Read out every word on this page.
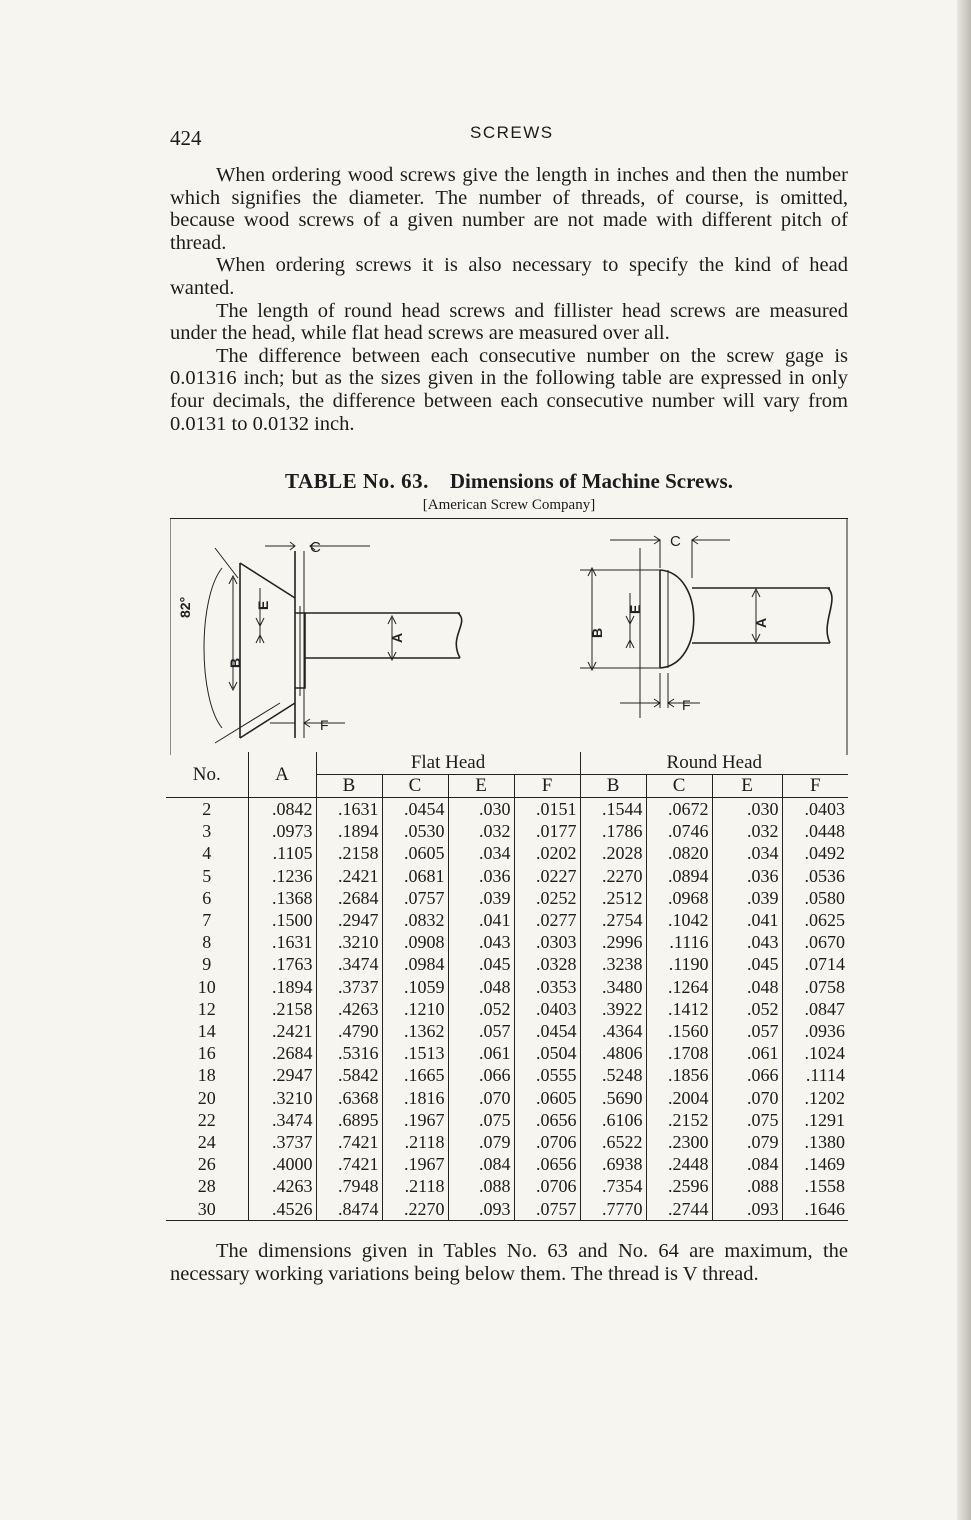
424	SCREWS

When ordering wood screws give the length in inches and then the number which signifies the diameter. The number of threads, of course, is omitted, because wood screws of a given number are not made with different pitch of thread.

When ordering screws it is also necessary to specify the kind of head wanted.

The length of round head screws and fillister head screws are measured under the head, while flat head screws are measured over all.

The difference between each consecutive number on the screw gage is 0.01316 inch; but as the sizes given in the following table are expressed in only four decimals, the difference between each consecutive number will vary from 0.0131 to 0.0132 inch.

TABLE No. 63. Dimensions of Machine Screws.
[American Screw Company]
C
E
B
A
F
82°
C
E
B
A
F
No.	A	Flat Head				Round Head			
		B	C	E	F	B	C	E	F
2	.0842	.1631	.0454	.030	.0151	.1544	.0672	.030	.0403
3	.0973	.1894	.0530	.032	.0177	.1786	.0746	.032	.0448
4	.1105	.2158	.0605	.034	.0202	.2028	.0820	.034	.0492
5	.1236	.2421	.0681	.036	.0227	.2270	.0894	.036	.0536
6	.1368	.2684	.0757	.039	.0252	.2512	.0968	.039	.0580
7	.1500	.2947	.0832	.041	.0277	.2754	.1042	.041	.0625
8	.1631	.3210	.0908	.043	.0303	.2996	.1116	.043	.0670
9	.1763	.3474	.0984	.045	.0328	.3238	.1190	.045	.0714
10	.1894	.3737	.1059	.048	.0353	.3480	.1264	.048	.0758
12	.2158	.4263	.1210	.052	.0403	.3922	.1412	.052	.0847
14	.2421	.4790	.1362	.057	.0454	.4364	.1560	.057	.0936
16	.2684	.5316	.1513	.061	.0504	.4806	.1708	.061	.1024
18	.2947	.5842	.1665	.066	.0555	.5248	.1856	.066	.1114
20	.3210	.6368	.1816	.070	.0605	.5690	.2004	.070	.1202
22	.3474	.6895	.1967	.075	.0656	.6106	.2152	.075	.1291
24	.3737	.7421	.2118	.079	.0706	.6522	.2300	.079	.1380
26	.4000	.7421	.1967	.084	.0656	.6938	.2448	.084	.1469
28	.4263	.7948	.2118	.088	.0706	.7354	.2596	.088	.1558
30	.4526	.8474	.2270	.093	.0757	.7770	.2744	.093	.1646

The dimensions given in Tables No. 63 and No. 64 are maximum, the necessary working variations being below them. The thread is V thread.
